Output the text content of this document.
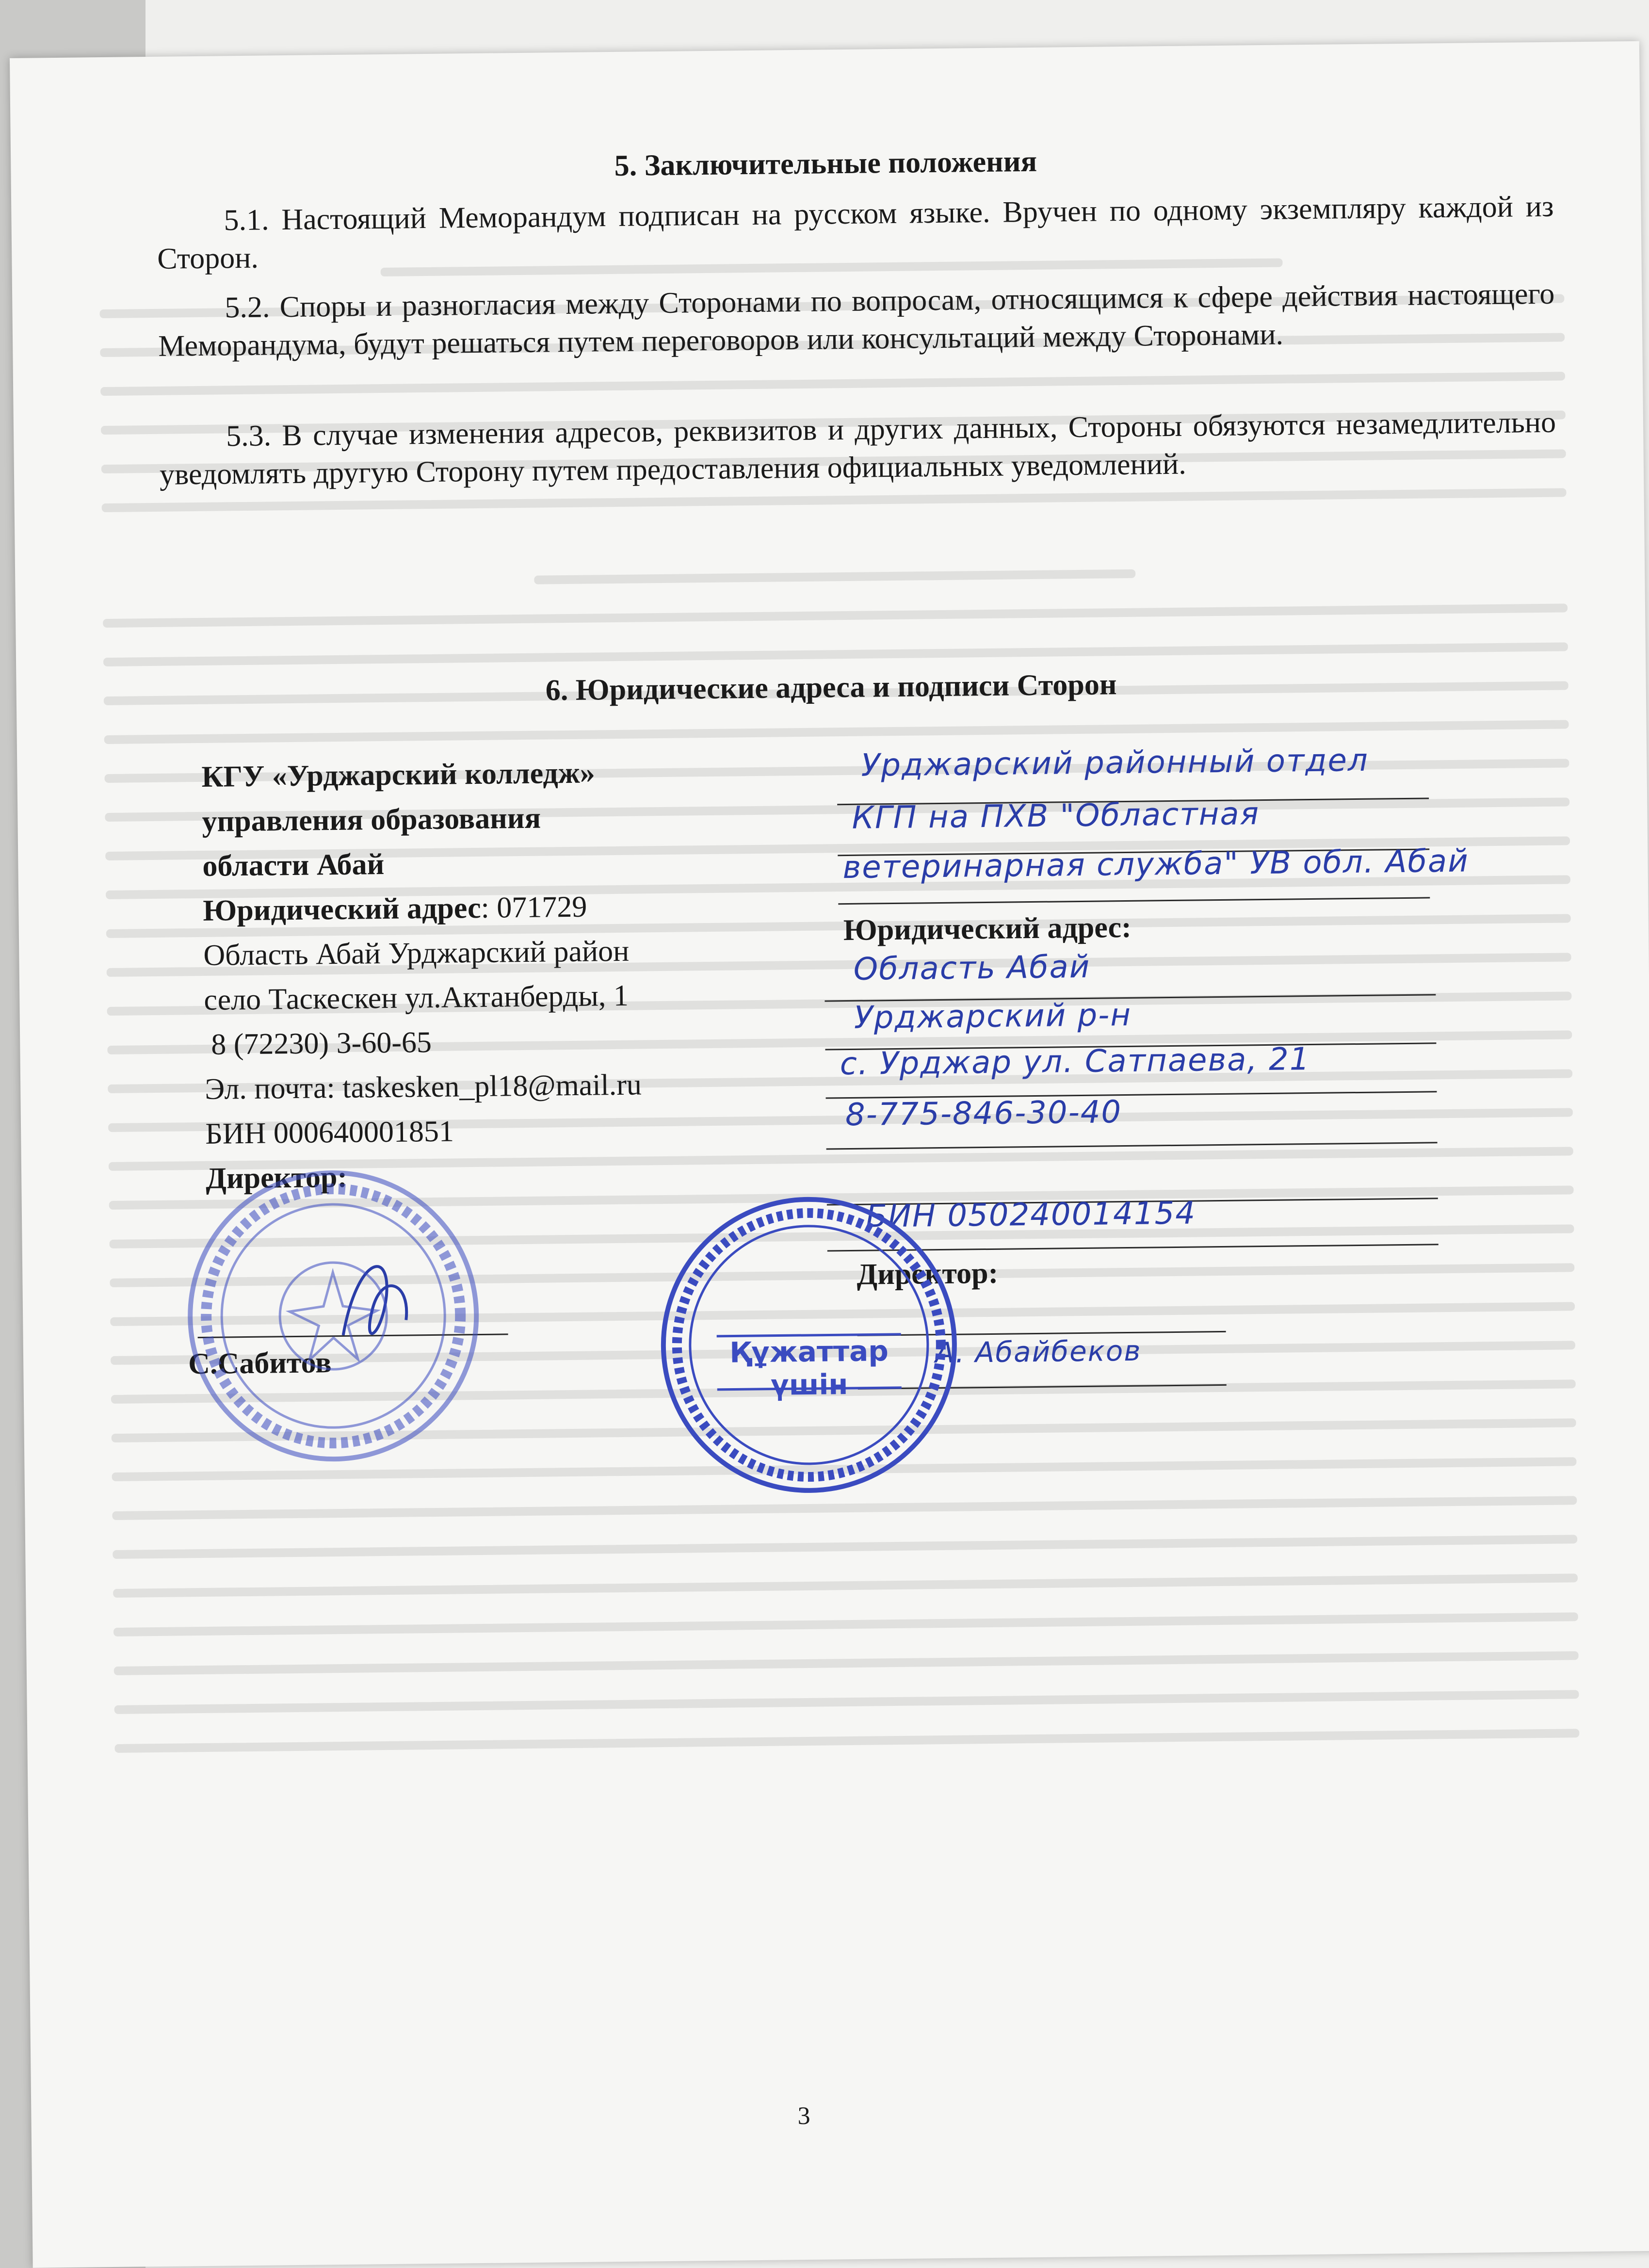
5. Заключительные положения
5.1. Настоящий Меморандум подписан на русском языке. Вручен по одному экземпляру каждой из Сторон.
5.2. Споры и разногласия между Сторонами по вопросам, относящимся к сфере действия настоящего Меморандума, будут решаться путем переговоров или консультаций между Сторонами.
5.3. В случае изменения адресов, реквизитов и других данных, Стороны обязуются незамедлительно уведомлять другую Сторону путем предоставления официальных уведомлений.
6. Юридические адреса и подписи Сторон
КГУ «Урджарский колледж»
управления образования
области Абай
Юридический адрес: 071729
Область Абай Урджарский район
село Таскескен ул.Актанберды, 1
8 (72230) 3-60-65
Эл. почта: taskesken_pl18@mail.ru
БИН 000640001851
Директор:
С.Сабитов
Урджарский районный отдел
КГП на ПХВ "Областная
ветеринарная служба" УВ обл. Абай
Юридический адрес:
Область Абай
Урджарский р-н
с. Урджар ул. Сатпаева, 21
8-775-846-30-40
БИН 050240014154
Директор:
А. Абайбеков
Құжаттар
үшін
3
